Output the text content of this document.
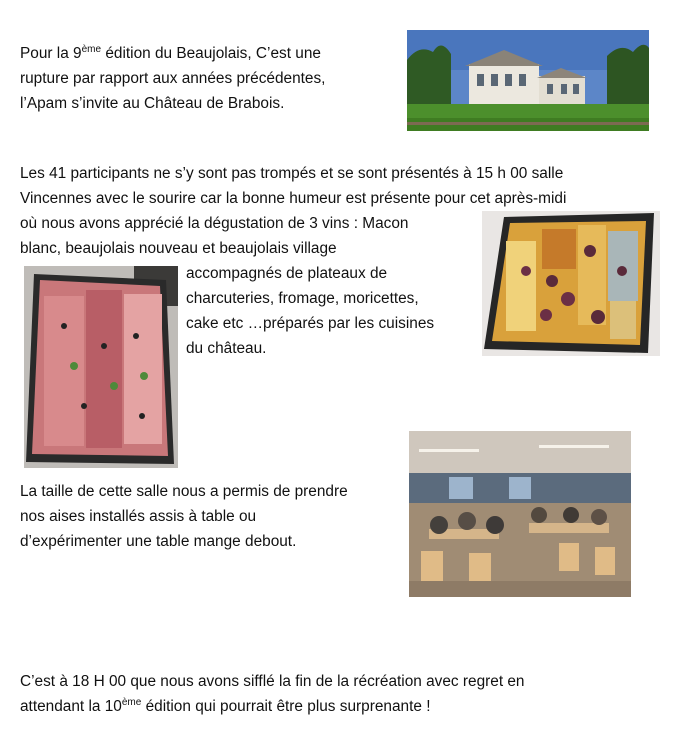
Pour la 9ème édition du Beaujolais, C’est une

rupture par rapport aux années précédentes,

l’Apam s’invite au Château de Brabois.

Les 41 participants ne s’y sont pas trompés et se sont présentés à 15 h 00 salle

Vincennes avec le sourire car la bonne humeur est présente pour cet après-midi

où nous avons apprécié la dégustation de 3 vins : Macon

blanc, beaujolais nouveau et beaujolais village

accompagnés de plateaux de

charcuteries, fromage, moricettes,

cake etc …préparés par les cuisines

du château.

La taille de cette salle nous a permis de prendre

nos aises installés assis à table ou

d’expérimenter une table mange debout.

C’est à 18 H 00 que nous avons sifflé la fin de la récréation avec regret en

attendant la 10ème édition qui pourrait être plus surprenante !
